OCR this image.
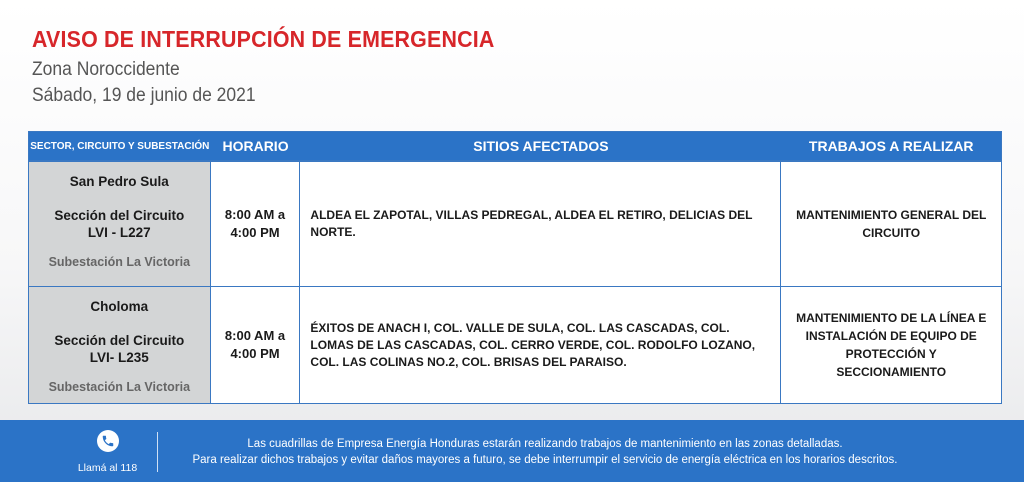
AVISO DE INTERRUPCIÓN DE EMERGENCIA
Zona Noroccidente
Sábado, 19 de junio de 2021
SECTOR, CIRCUITO Y SUBESTACIÓN HORARIO	SITIOS AFECTADOS	TRABAJOS A REALIZAR
San Pedro Sula
Sección del Circuito
LVI - L227
Subestación La Victoria
8:00 AM a
4:00 PM
ALDEA EL ZAPOTAL, VILLAS PEDREGAL, ALDEA EL RETIRO, DELICIAS DEL NORTE.
MANTENIMIENTO GENERAL DEL CIRCUITO
Choloma
Sección del Circuito
LVI- L235
Subestación La Victoria
8:00 AM a
4:00 PM
ÉXITOS DE ANACH I, COL. VALLE DE SULA, COL. LAS CASCADAS, COL. LOMAS DE LAS CASCADAS, COL. CERRO VERDE, COL. RODOLFO LOZANO, COL. LAS COLINAS NO.2, COL. BRISAS DEL PARAISO.
MANTENIMIENTO DE LA LÍNEA E INSTALACIÓN DE EQUIPO DE PROTECCIÓN Y SECCIONAMIENTO
Llamá al 118
Las cuadrillas de Empresa Energía Honduras estarán realizando trabajos de mantenimiento en las zonas detalladas.
Para realizar dichos trabajos y evitar daños mayores a futuro, se debe interrumpir el servicio de energía eléctrica en los horarios descritos.
